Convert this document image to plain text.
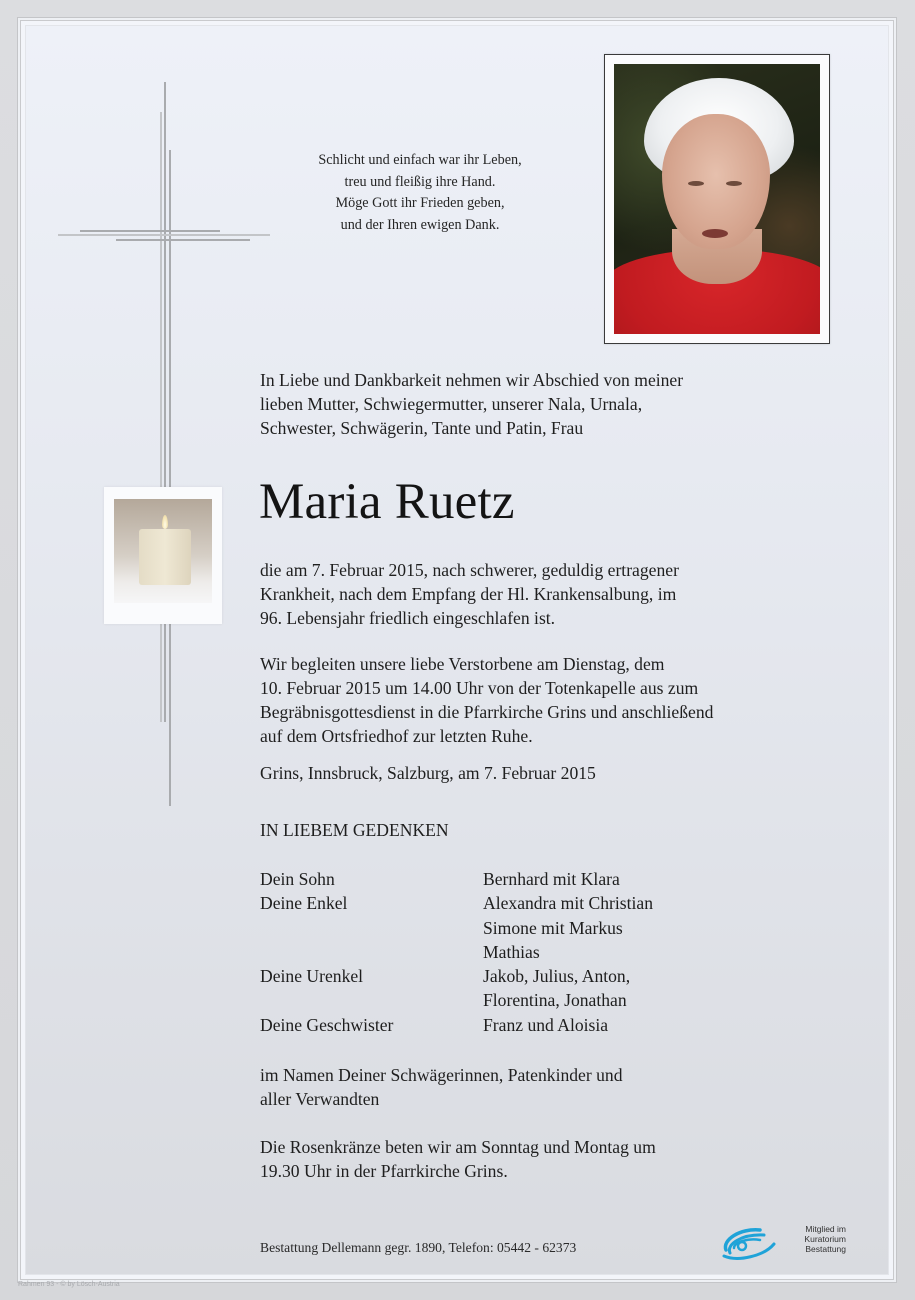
Schlicht und einfach war ihr Leben,
treu und fleißig ihre Hand.
Möge Gott ihr Frieden geben,
und der Ihren ewigen Dank.
In Liebe und Dankbarkeit nehmen wir Abschied von meiner
lieben Mutter, Schwiegermutter, unserer Nala, Urnala,
Schwester, Schwägerin, Tante und Patin, Frau
Maria Ruetz
die am 7. Februar 2015, nach schwerer, geduldig ertragener
Krankheit, nach dem Empfang der Hl. Krankensalbung, im
96. Lebensjahr friedlich eingeschlafen ist.
Wir begleiten unsere liebe Verstorbene am Dienstag, dem
10. Februar 2015 um 14.00 Uhr von der Totenkapelle aus zum
Begräbnisgottesdienst in die Pfarrkirche Grins und anschließend
auf dem Ortsfriedhof zur letzten Ruhe.
Grins, Innsbruck, Salzburg, am 7. Februar 2015
IN LIEBEM GEDENKEN
Dein Sohn	Bernhard mit Klara
Deine Enkel	Alexandra mit Christian
Simone mit Markus
Mathias
Deine Urenkel	Jakob, Julius, Anton,
Florentina, Jonathan
Deine Geschwister	Franz und Aloisia
im Namen Deiner Schwägerinnen, Patenkinder und
aller Verwandten
Die Rosenkränze beten wir am Sonntag und Montag um
19.30 Uhr in der Pfarrkirche Grins.
Bestattung Dellemann gegr. 1890, Telefon: 05442 - 62373
Mitglied im
Kuratorium Bestattung
Rahmen 93 - © by Lösch-Austria
